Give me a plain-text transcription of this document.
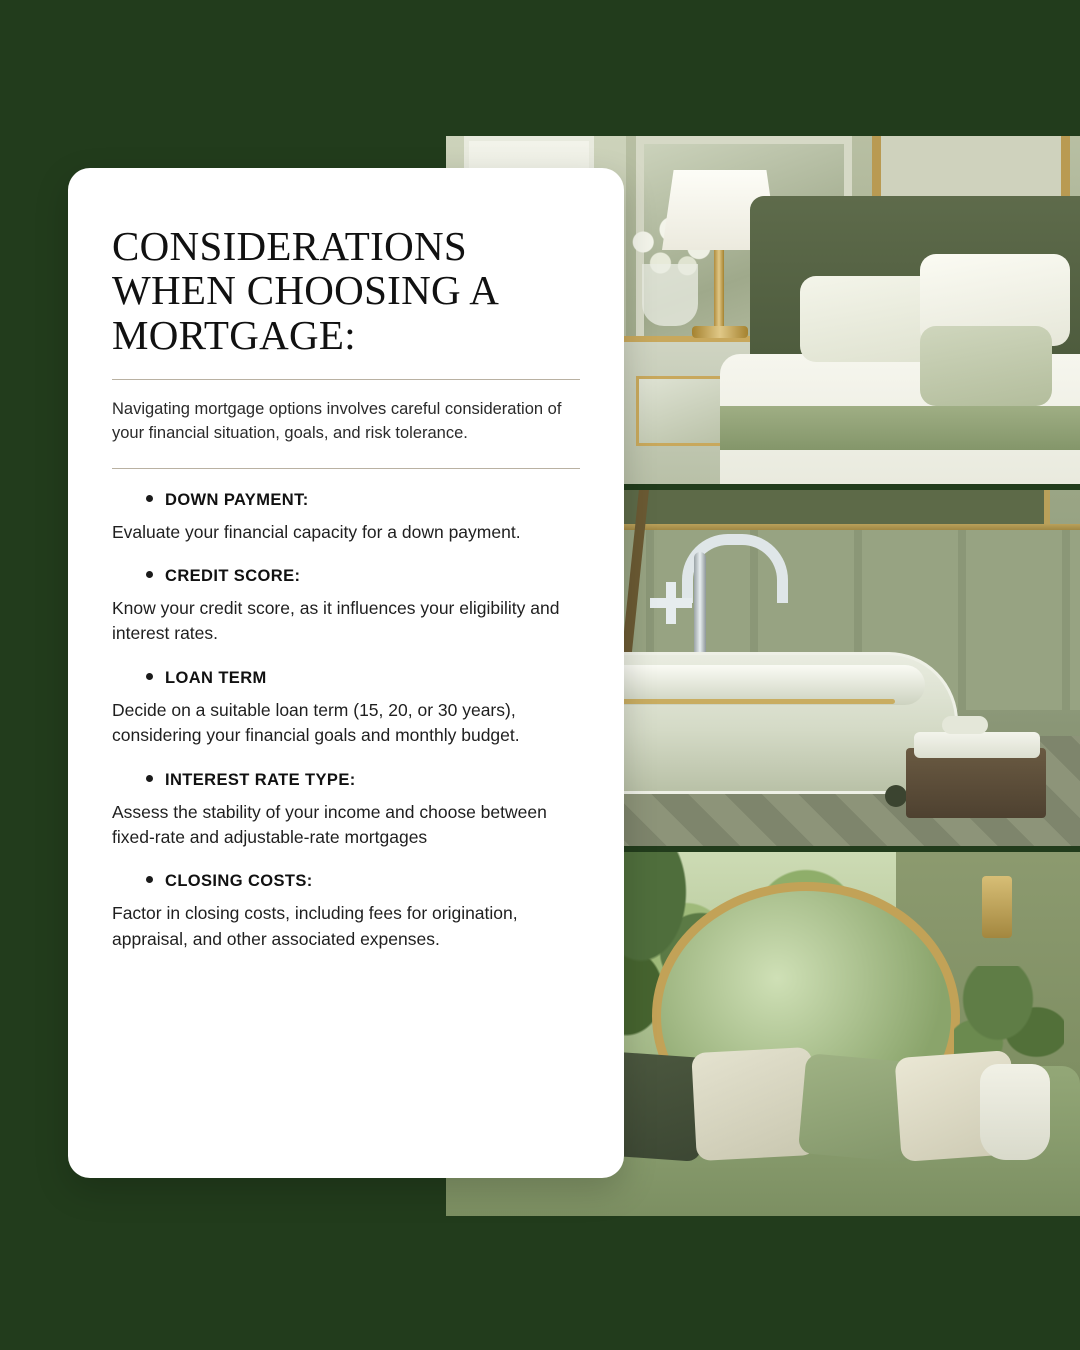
CONSIDERATIONS WHEN CHOOSING A MORTGAGE:

Navigating mortgage options involves careful consideration of your financial situation, goals, and risk tolerance.

DOWN PAYMENT:

Evaluate your financial capacity for a down payment.

CREDIT SCORE:

Know your credit score, as it influences your eligibility and interest rates.

LOAN TERM

Decide on a suitable loan term (15, 20, or 30 years), considering your financial goals and monthly budget.

INTEREST RATE TYPE:

Assess the stability of your income and choose between fixed-rate and adjustable-rate mortgages

CLOSING COSTS:

Factor in closing costs, including fees for origination, appraisal, and other associated expenses.
